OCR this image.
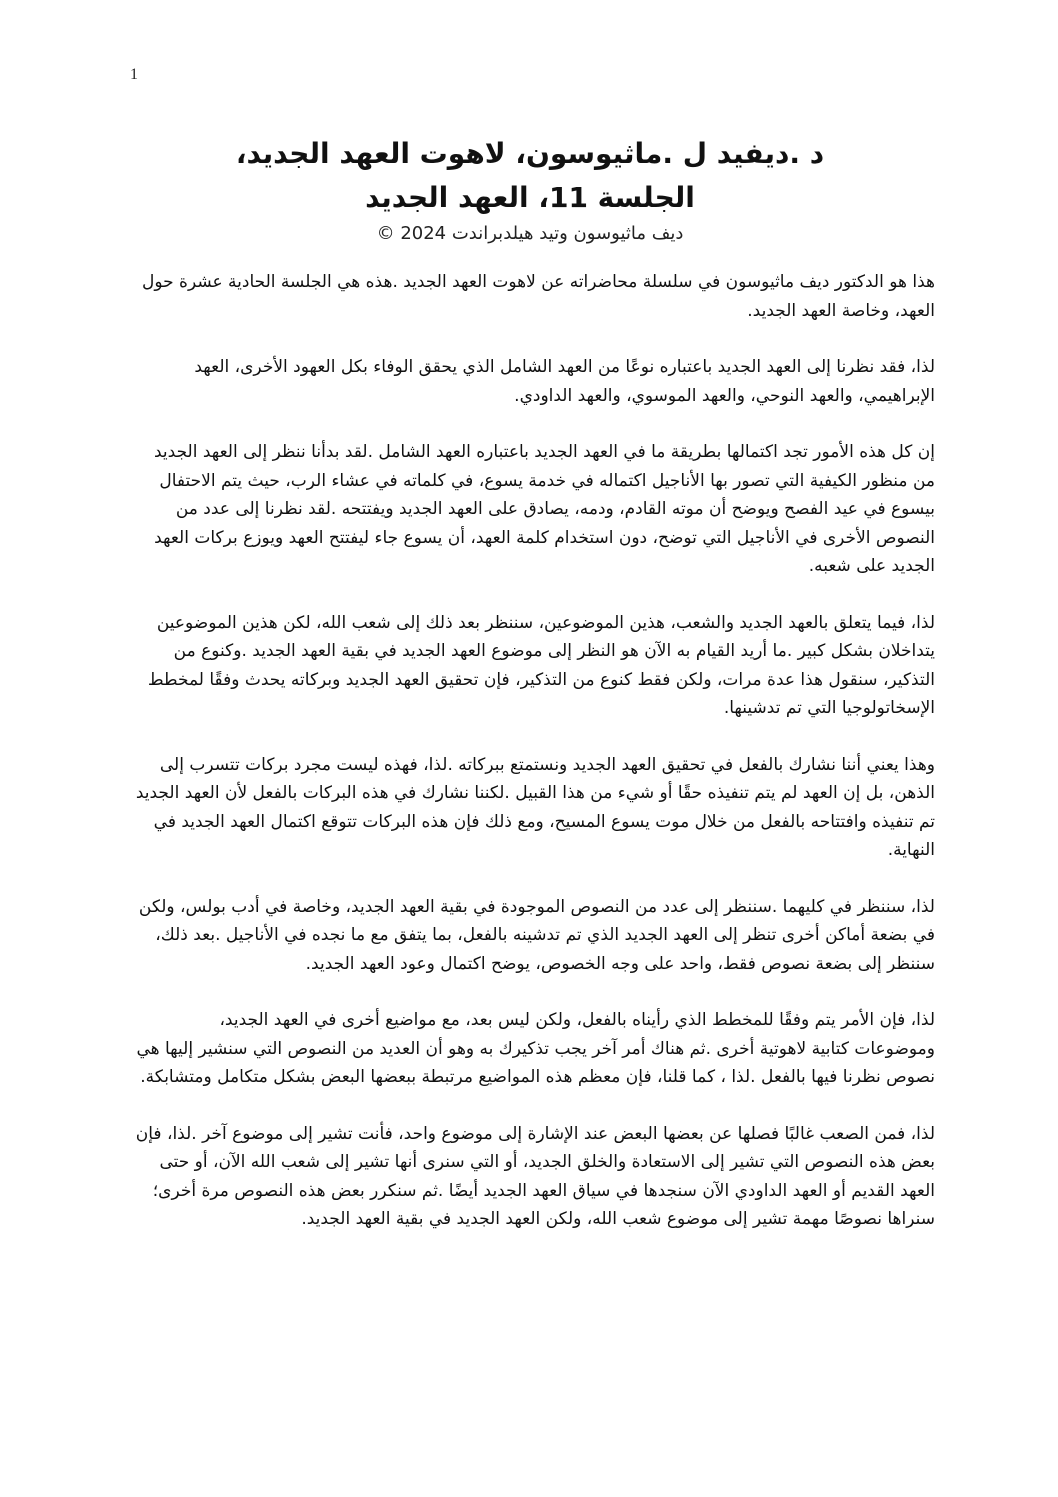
1
د .ديفيد ل .ماثيوسون، لاهوت العهد الجديد،
الجلسة 11، العهد الجديد
ديف ماثيوسون وتيد هيلدبراندت 2024 ©

هذا هو الدكتور ديف ماثيوسون في سلسلة محاضراته عن لاهوت العهد الجديد .هذه هي الجلسة الحادية عشرة حول العهد، وخاصة العهد الجديد.

لذا، فقد نظرنا إلى العهد الجديد باعتباره نوعًا من العهد الشامل الذي يحقق الوفاء بكل العهود الأخرى، العهد الإبراهيمي، والعهد النوحي، والعهد الموسوي، والعهد الداودي.

إن كل هذه الأمور تجد اكتمالها بطريقة ما في العهد الجديد باعتباره العهد الشامل .لقد بدأنا ننظر إلى العهد الجديد من منظور الكيفية التي تصور بها الأناجيل اكتماله في خدمة يسوع، في كلماته في عشاء الرب، حيث يتم الاحتفال بيسوع في عيد الفصح ويوضح أن موته القادم، ودمه، يصادق على العهد الجديد ويفتتحه .لقد نظرنا إلى عدد من النصوص الأخرى في الأناجيل التي توضح، دون استخدام كلمة العهد، أن يسوع جاء ليفتتح العهد ويوزع بركات العهد الجديد على شعبه.

لذا، فيما يتعلق بالعهد الجديد والشعب، هذين الموضوعين، سننظر بعد ذلك إلى شعب الله، لكن هذين الموضوعين يتداخلان بشكل كبير .ما أريد القيام به الآن هو النظر إلى موضوع العهد الجديد في بقية العهد الجديد .وكنوع من التذكير، سنقول هذا عدة مرات، ولكن فقط كنوع من التذكير، فإن تحقيق العهد الجديد وبركاته يحدث وفقًا لمخطط الإسخاتولوجيا التي تم تدشينها.

وهذا يعني أننا نشارك بالفعل في تحقيق العهد الجديد ونستمتع ببركاته .لذا، فهذه ليست مجرد بركات تتسرب إلى الذهن، بل إن العهد لم يتم تنفيذه حقًا أو شيء من هذا القبيل .لكننا نشارك في هذه البركات بالفعل لأن العهد الجديد تم تنفيذه وافتتاحه بالفعل من خلال موت يسوع المسيح، ومع ذلك فإن هذه البركات تتوقع اكتمال العهد الجديد في النهاية.

لذا، سننظر في كليهما .سننظر إلى عدد من النصوص الموجودة في بقية العهد الجديد، وخاصة في أدب بولس، ولكن في بضعة أماكن أخرى تنظر إلى العهد الجديد الذي تم تدشينه بالفعل، بما يتفق مع ما نجده في الأناجيل .بعد ذلك، سننظر إلى بضعة نصوص فقط، واحد على وجه الخصوص، يوضح اكتمال وعود العهد الجديد.

لذا، فإن الأمر يتم وفقًا للمخطط الذي رأيناه بالفعل، ولكن ليس بعد، مع مواضيع أخرى في العهد الجديد، وموضوعات كتابية لاهوتية أخرى .ثم هناك أمر آخر يجب تذكيرك به وهو أن العديد من النصوص التي سنشير إليها هي نصوص نظرنا فيها بالفعل .لذا ، كما قلنا، فإن معظم هذه المواضيع مرتبطة ببعضها البعض بشكل متكامل ومتشابكة.

لذا، فمن الصعب غالبًا فصلها عن بعضها البعض عند الإشارة إلى موضوع واحد، فأنت تشير إلى موضوع آخر .لذا، فإن بعض هذه النصوص التي تشير إلى الاستعادة والخلق الجديد، أو التي سنرى أنها تشير إلى شعب الله الآن، أو حتى العهد القديم أو العهد الداودي الآن سنجدها في سياق العهد الجديد أيضًا .ثم سنكرر بعض هذه النصوص مرة أخرى؛ سنراها نصوصًا مهمة تشير إلى موضوع شعب الله، ولكن العهد الجديد في بقية العهد الجديد.
